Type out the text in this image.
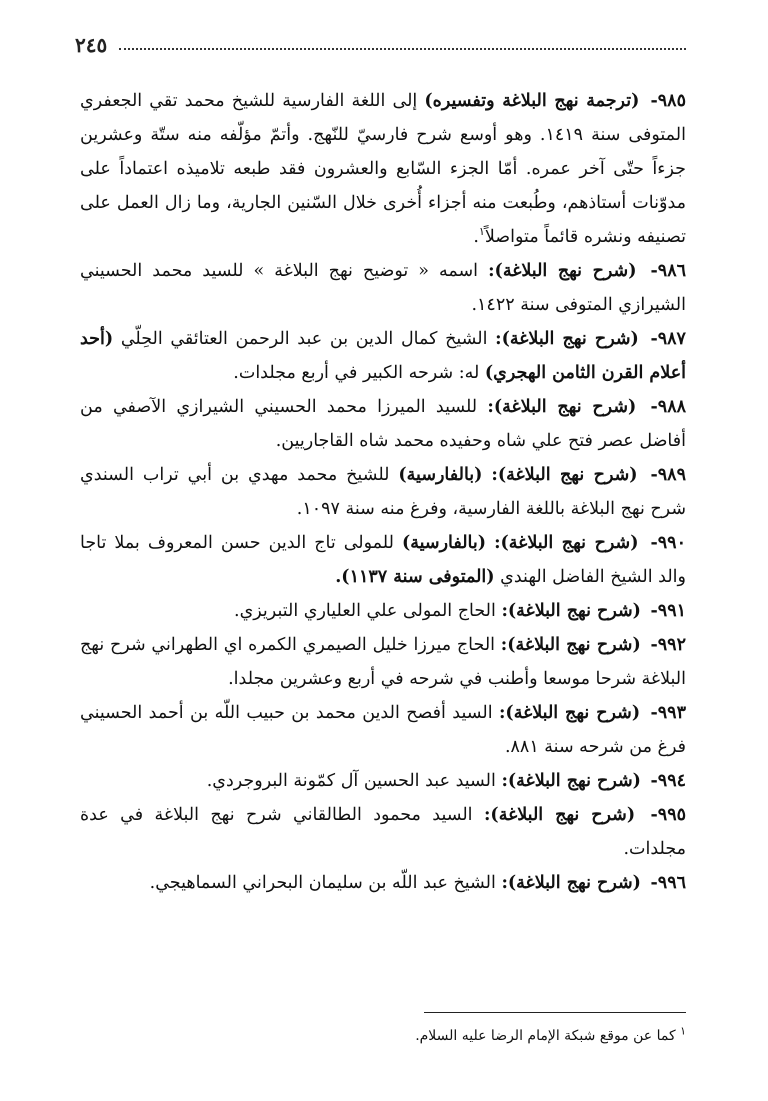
٢٤٥

٩٨٥- (ترجمة نهج البلاغة وتفسيره) إلى اللغة الفارسية للشيخ محمد تقي الجعفري المتوفى سنة ١٤١٩. وهو أوسع شرح فارسيّ للنّهج. وأتمّ مؤلّفه منه ستّة وعشرين جزءاً حتّى آخر عمره. أمّا الجزء السّابع والعشرون فقد طبعه تلاميذه اعتماداً على مدوّنات أستاذهم، وطُبعت منه أجزاء أُخرى خلال السّنين الجارية، وما زال العمل على تصنيفه ونشره قائماً متواصلاً$^١$.

٩٨٦- (شرح نهج البلاغة): اسمه « توضيح نهج البلاغة » للسيد محمد الحسيني الشيرازي المتوفى سنة ١٤٢٢.

٩٨٧- (شرح نهج البلاغة): الشيخ كمال الدين بن عبد الرحمن العتائقي الحِلّي (أحد أعلام القرن الثامن الهجري) له: شرحه الكبير في أربع مجلدات.

٩٨٨- (شرح نهج البلاغة): للسيد الميرزا محمد الحسيني الشيرازي الآصفي من أفاضل عصر فتح علي شاه وحفيده محمد شاه القاجاريين.

٩٨٩- (شرح نهج البلاغة): (بالفارسية) للشيخ محمد مهدي بن أبي تراب السندي شرح نهج البلاغة باللغة الفارسية، وفرغ منه سنة ١٠٩٧.

٩٩٠- (شرح نهج البلاغة): (بالفارسية) للمولى تاج الدين حسن المعروف بملا تاجا والد الشيخ الفاضل الهندي (المتوفى سنة ١١٣٧).

٩٩١- (شرح نهج البلاغة): الحاج المولى علي العلياري التبريزي.

٩٩٢- (شرح نهج البلاغة): الحاج ميرزا خليل الصيمري الكمره اي الطهراني شرح نهج البلاغة شرحا موسعا وأطنب في شرحه في أربع وعشرين مجلدا.

٩٩٣- (شرح نهج البلاغة): السيد أفصح الدين محمد بن حبيب اللّه بن أحمد الحسيني فرغ من شرحه سنة ٨٨١.

٩٩٤- (شرح نهج البلاغة): السيد عبد الحسين آل كمّونة البروجردي.

٩٩٥- (شرح نهج البلاغة): السيد محمود الطالقاني شرح نهج البلاغة في عدة مجلدات.

٩٩٦- (شرح نهج البلاغة): الشيخ عبد اللّه بن سليمان البحراني السماهيجي.

$^١$ كما عن موقع شبكة الإمام الرضا عليه السلام.
